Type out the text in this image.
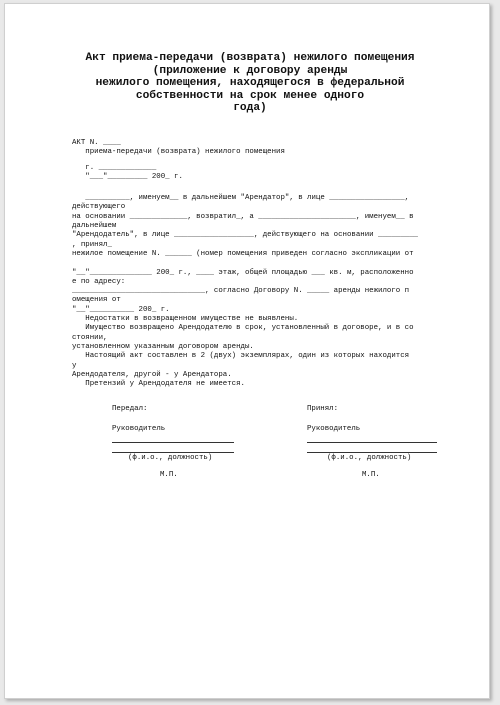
Акт приема-передачи (возврата) нежилого помещения
(приложение к договору аренды
нежилого помещения, находящегося в федеральной
собственности на срок менее одного
года)
АКТ N. ____
приема-передачи (возврата) нежилого помещения
г. _____________
"___"_________ 200_ г.
__________, именуем__ в дальнейшем "Арендатор", в лице _________________,
действующего
на основании _____________, возвратил_, а ______________________, именуем__ в
дальнейшем
"Арендодатель", в лице __________________, действующего на основании _________
, принял_
нежилое помещение N. ______ (номер помещения приведен согласно экспликации от
"__"______________ 200_ г., ____ этаж, общей площадью ___ кв. м, расположенно
е по адресу:
______________________________, согласно Договору N. _____ аренды нежилого п
омещения от
"__"__________ 200_ г.
Недостатки в возвращенном имуществе не выявлены.
Имущество возвращено Арендодателю в срок, установленный в договоре, и в со
стоянии,
установленном указанным договором аренды.
Настоящий акт составлен в 2 (двух) экземплярах, один из которых находится
у
Арендодателя, другой - у Арендатора.
Претензий у Арендодателя не имеется.
Передал:
Руководитель
(ф.и.о., должность)
М.П.
Принял:
Руководитель
(ф.и.о., должность)
М.П.
